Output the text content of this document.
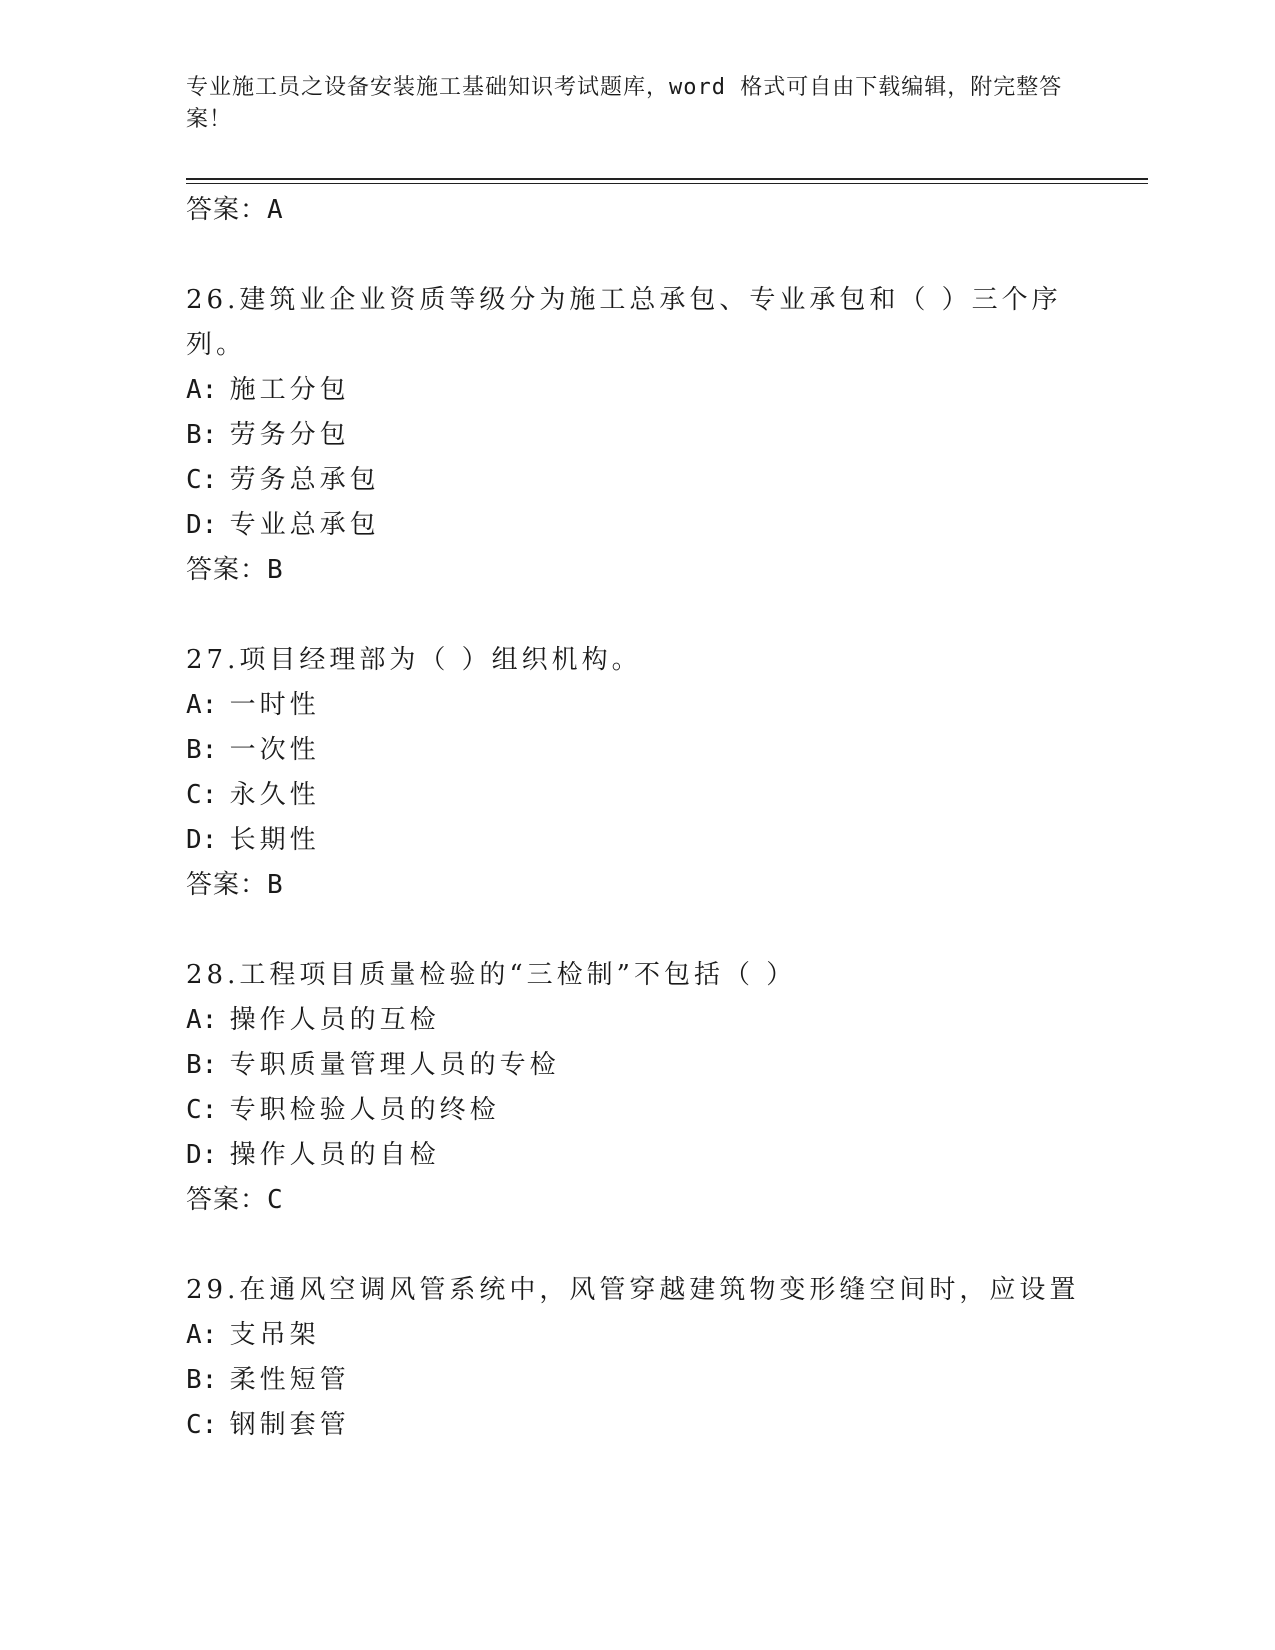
专业施工员之设备安装施工基础知识考试题库，word 格式可自由下载编辑，附完整答案！
答案：A
26.建筑业企业资质等级分为施工总承包、专业承包和（ ）三个序列。
A: 施工分包
B: 劳务分包
C: 劳务总承包
D: 专业总承包
答案：B
27.项目经理部为（ ）组织机构。
A: 一时性
B: 一次性
C: 永久性
D: 长期性
答案：B
28.工程项目质量检验的“三检制”不包括（ ）
A: 操作人员的互检
B: 专职质量管理人员的专检
C: 专职检验人员的终检
D: 操作人员的自检
答案：C
29.在通风空调风管系统中，风管穿越建筑物变形缝空间时，应设置
A: 支吊架
B: 柔性短管
C: 钢制套管
